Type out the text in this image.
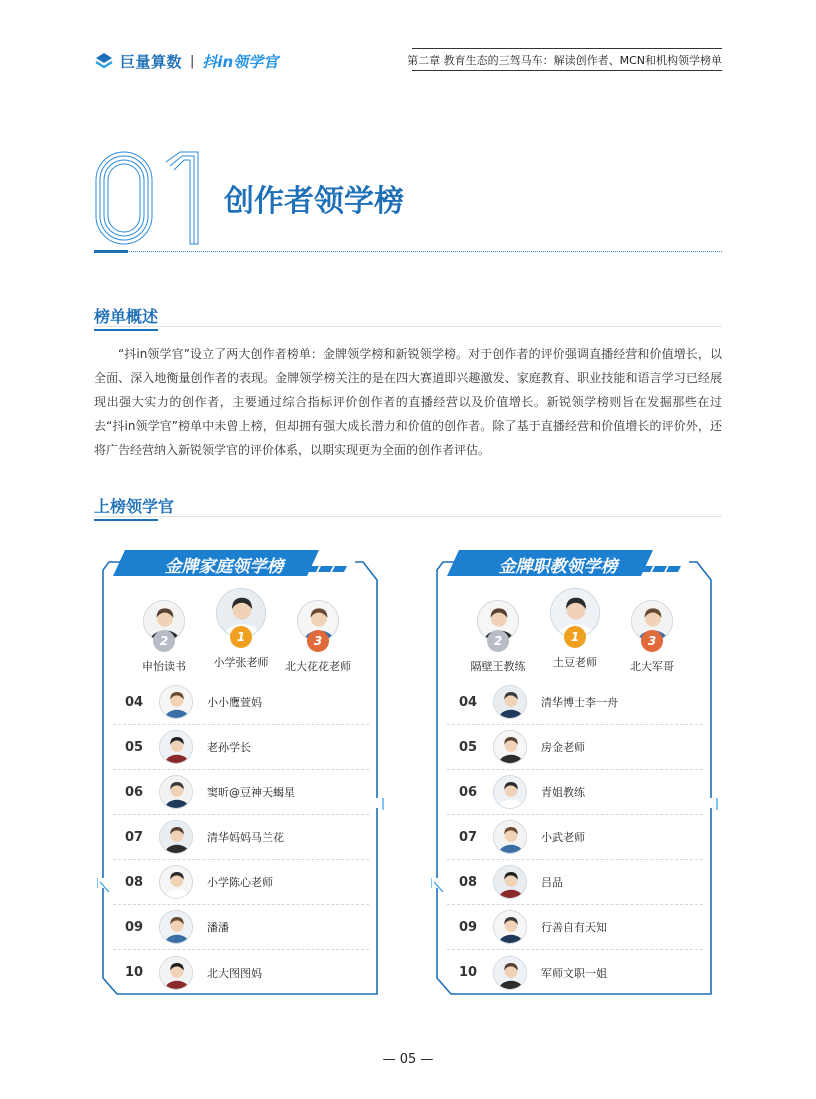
巨量算数 | 抖in领学官	第二章 教育生态的三驾马车：解读创作者、MCN和机构领学榜单
01
创作者领学榜
榜单概述
“抖in领学官”设立了两大创作者榜单：金牌领学榜和新锐领学榜。对于创作者的评价强调直播经营和价值增长，以全面、深入地衡量创作者的表现。金牌领学榜关注的是在四大赛道即兴趣激发、家庭教育、职业技能和语言学习已经展现出强大实力的创作者，主要通过综合指标评价创作者的直播经营以及价值增长。新锐领学榜则旨在发掘那些在过去“抖in领学官”榜单中未曾上榜，但却拥有强大成长潜力和价值的创作者。除了基于直播经营和价值增长的评价外，还将广告经营纳入新锐领学官的评价体系，以期实现更为全面的创作者评估。
上榜领学官
金牌家庭领学榜
2
申怡读书
1
小学张老师
3
北大花花老师
04	小小鹰萱妈
05	老孙学长
06	窦昕@豆神天蝎星
07	清华妈妈马兰花
08	小学陈心老师
09	潘潘
10	北大图图妈
金牌职教领学榜
2
隔壁王教练
1
土豆老师
3
北大军哥
04	清华博士李一舟
05	房金老师
06	青姐教练
07	小武老师
08	吕品
09	行善自有天知
10	军师文职一姐
— 05 —
